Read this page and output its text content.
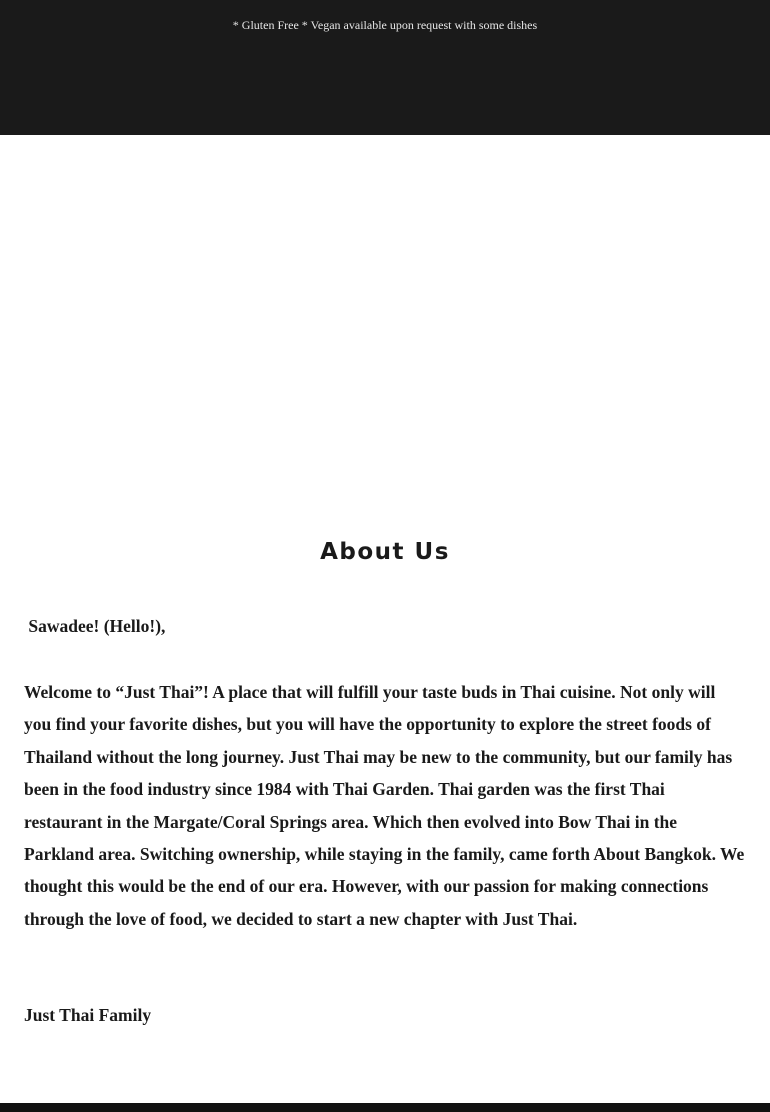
* Gluten Free * Vegan available upon request with some dishes
About Us
Sawadee! (Hello!),

Welcome to “Just Thai”! A place that will fulfill your taste buds in Thai cuisine. Not only will you find your favorite dishes, but you will have the opportunity to explore the street foods of Thailand without the long journey. Just Thai may be new to the community, but our family has been in the food industry since 1984 with Thai Garden. Thai garden was the first Thai restaurant in the Margate/Coral Springs area. Which then evolved into Bow Thai in the Parkland area. Switching ownership, while staying in the family, came forth About Bangkok. We thought this would be the end of our era. However, with our passion for making connections through the love of food, we decided to start a new chapter with Just Thai.

Just Thai Family
